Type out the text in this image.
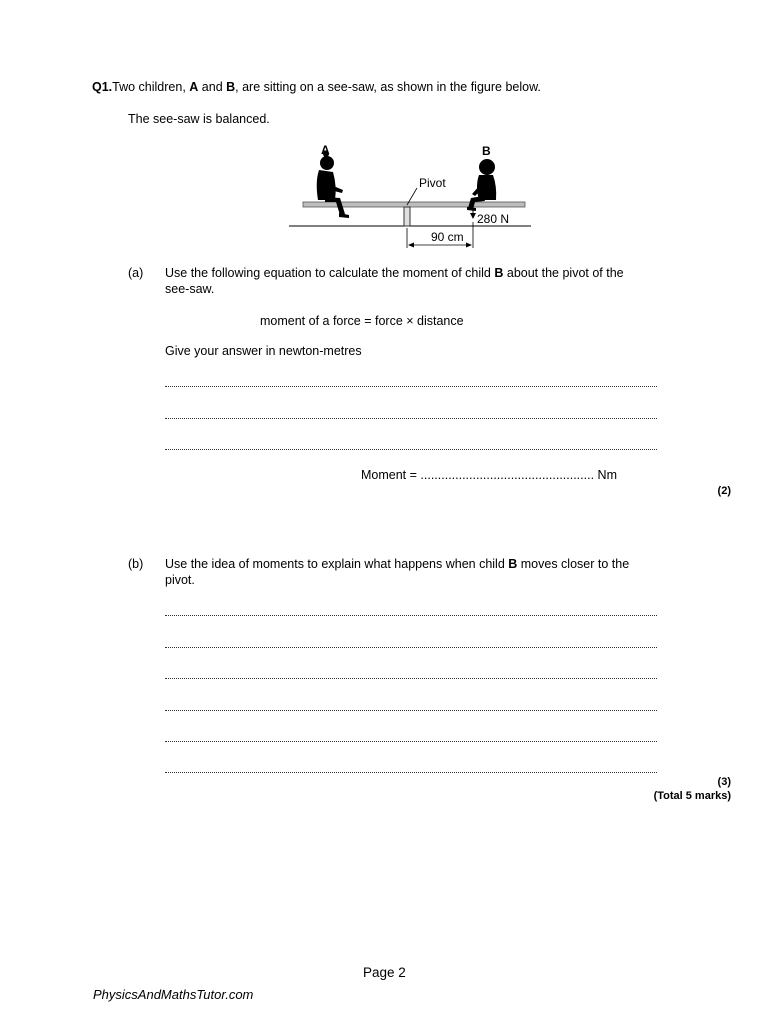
Q1.Two children, A and B, are sitting on a see-saw, as shown in the figure below.
The see-saw is balanced.
Pivot
A	B
280 N
90 cm
(a) Use the following equation to calculate the moment of child B about the pivot of the
see-saw.
moment of a force = force × distance
Give your answer in newton-metres
Moment = .................................................. Nm
(2)
(b) Use the idea of moments to explain what happens when child B moves closer to the
pivot.
(3)
(Total 5 marks)
Page 2
PhysicsAndMathsTutor.com
